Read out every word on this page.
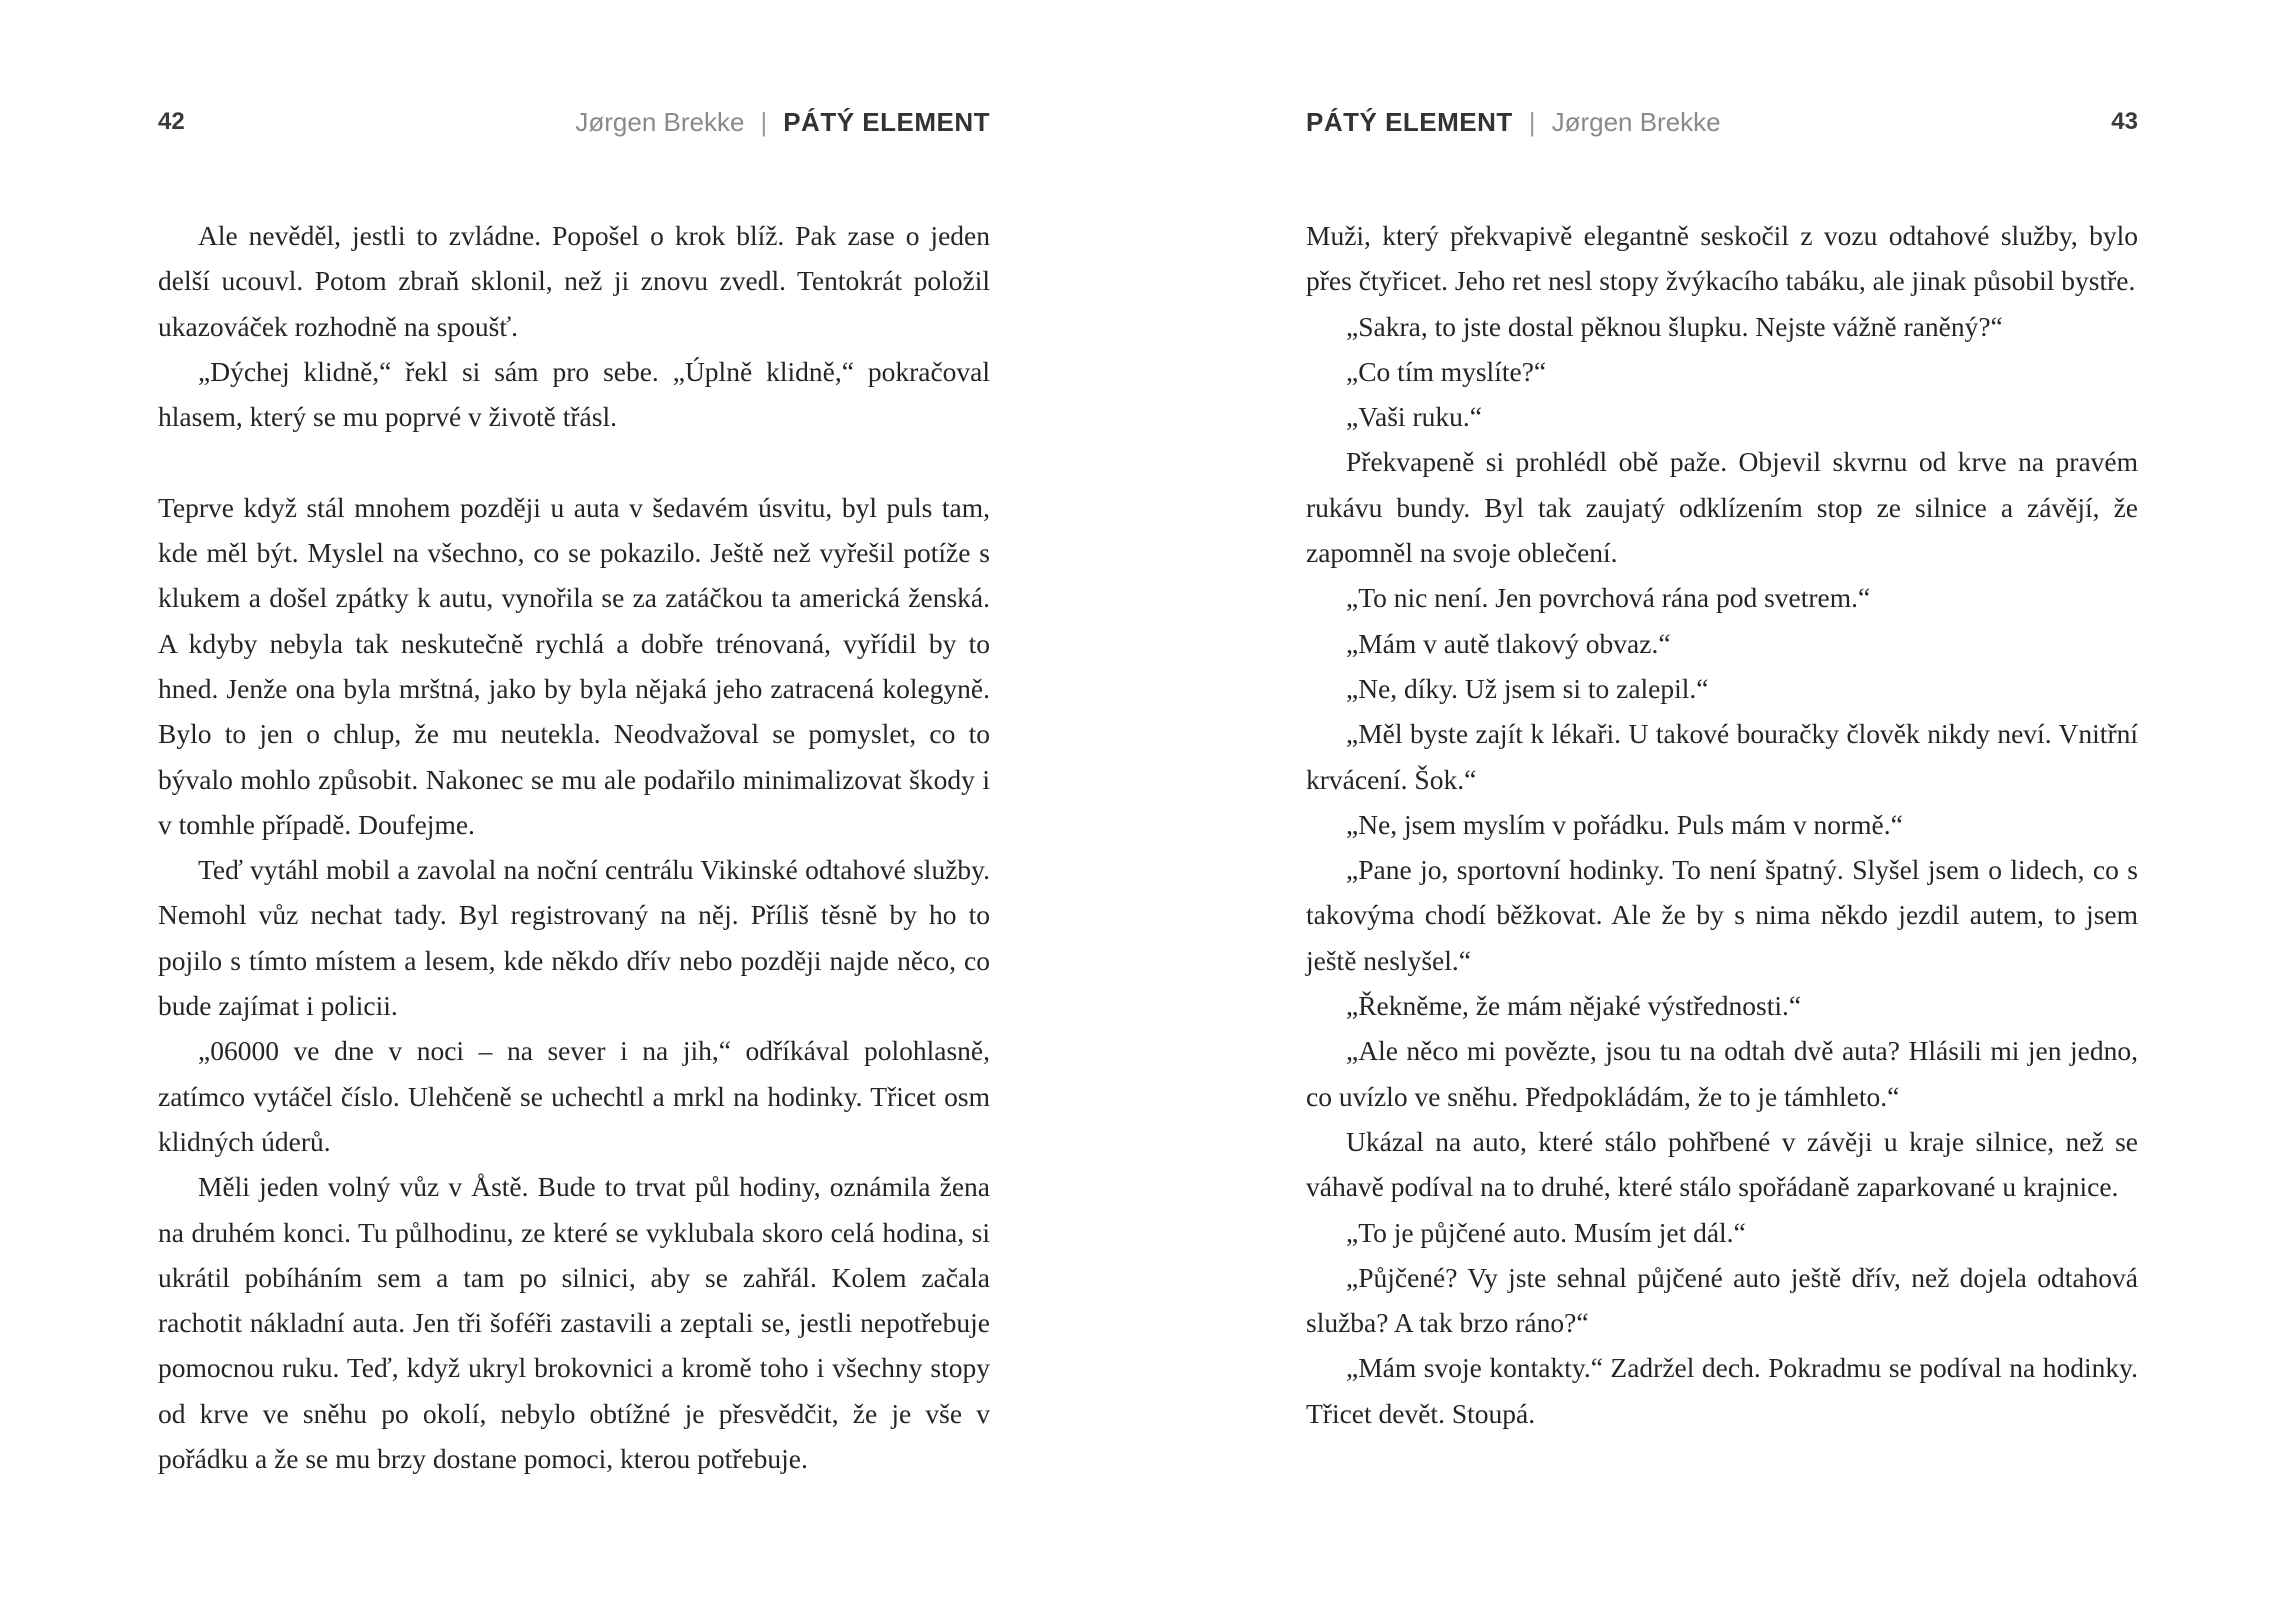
42	Jørgen Brekke | PÁTÝ ELEMENT

Ale nevěděl, jestli to zvládne. Popošel o krok blíž. Pak zase o jeden delší ucouvl. Potom zbraň sklonil, než ji znovu zvedl. Tentokrát položil ukazováček rozhodně na spoušť.

„Dýchej klidně,“ řekl si sám pro sebe. „Úplně klidně,“ pokračoval hlasem, který se mu poprvé v životě třásl.

Teprve když stál mnohem později u auta v šedavém úsvitu, byl puls tam, kde měl být. Myslel na všechno, co se pokazilo. Ještě než vyřešil potíže s klukem a došel zpátky k autu, vynořila se za zatáčkou ta americká ženská. A kdyby nebyla tak neskutečně rychlá a dobře trénovaná, vyřídil by to hned. Jenže ona byla mrštná, jako by byla nějaká jeho zatracená kolegyně. Bylo to jen o chlup, že mu neutekla. Neodvažoval se pomyslet, co to bývalo mohlo způsobit. Nakonec se mu ale podařilo minimalizovat škody i v tomhle případě. Doufejme.

Teď vytáhl mobil a zavolal na noční centrálu Vikinské odtahové služby. Nemohl vůz nechat tady. Byl registrovaný na něj. Příliš těsně by ho to pojilo s tímto místem a lesem, kde někdo dřív nebo později najde něco, co bude zajímat i policii.

„06000 ve dne v noci – na sever i na jih,“ odříkával polohlasně, zatímco vytáčel číslo. Ulehčeně se uchechtl a mrkl na hodinky. Třicet osm klidných úderů.

Měli jeden volný vůz v Åstě. Bude to trvat půl hodiny, oznámila žena na druhém konci. Tu půlhodinu, ze které se vyklubala skoro celá hodina, si ukrátil pobíháním sem a tam po silnici, aby se zahřál. Kolem začala rachotit nákladní auta. Jen tři šoféři zastavili a zeptali se, jestli nepotřebuje pomocnou ruku. Teď, když ukryl brokovnici a kromě toho i všechny stopy od krve ve sněhu po okolí, nebylo obtížné je přesvědčit, že je vše v pořádku a že se mu brzy dostane pomoci, kterou potřebuje.

PÁTÝ ELEMENT | Jørgen Brekke	43

Muži, který překvapivě elegantně seskočil z vozu odtahové služby, bylo přes čtyřicet. Jeho ret nesl stopy žvýkacího tabáku, ale jinak působil bystře.

„Sakra, to jste dostal pěknou šlupku. Nejste vážně raněný?“

„Co tím myslíte?“

„Vaši ruku.“

Překvapeně si prohlédl obě paže. Objevil skvrnu od krve na pravém rukávu bundy. Byl tak zaujatý odklízením stop ze silnice a závějí, že zapomněl na svoje oblečení.

„To nic není. Jen povrchová rána pod svetrem.“

„Mám v autě tlakový obvaz.“

„Ne, díky. Už jsem si to zalepil.“

„Měl byste zajít k lékaři. U takové bouračky člověk nikdy neví. Vnitřní krvácení. Šok.“

„Ne, jsem myslím v pořádku. Puls mám v normě.“

„Pane jo, sportovní hodinky. To není špatný. Slyšel jsem o lidech, co s takovýma chodí běžkovat. Ale že by s nima někdo jezdil autem, to jsem ještě neslyšel.“

„Řekněme, že mám nějaké výstřednosti.“

„Ale něco mi povězte, jsou tu na odtah dvě auta? Hlásili mi jen jedno, co uvízlo ve sněhu. Předpokládám, že to je támhleto.“

Ukázal na auto, které stálo pohřbené v závěji u kraje silnice, než se váhavě podíval na to druhé, které stálo spořádaně zaparkované u krajnice.

„To je půjčené auto. Musím jet dál.“

„Půjčené? Vy jste sehnal půjčené auto ještě dřív, než dojela odtahová služba? A tak brzo ráno?“

„Mám svoje kontakty.“ Zadržel dech. Pokradmu se podíval na hodinky. Třicet devět. Stoupá.
